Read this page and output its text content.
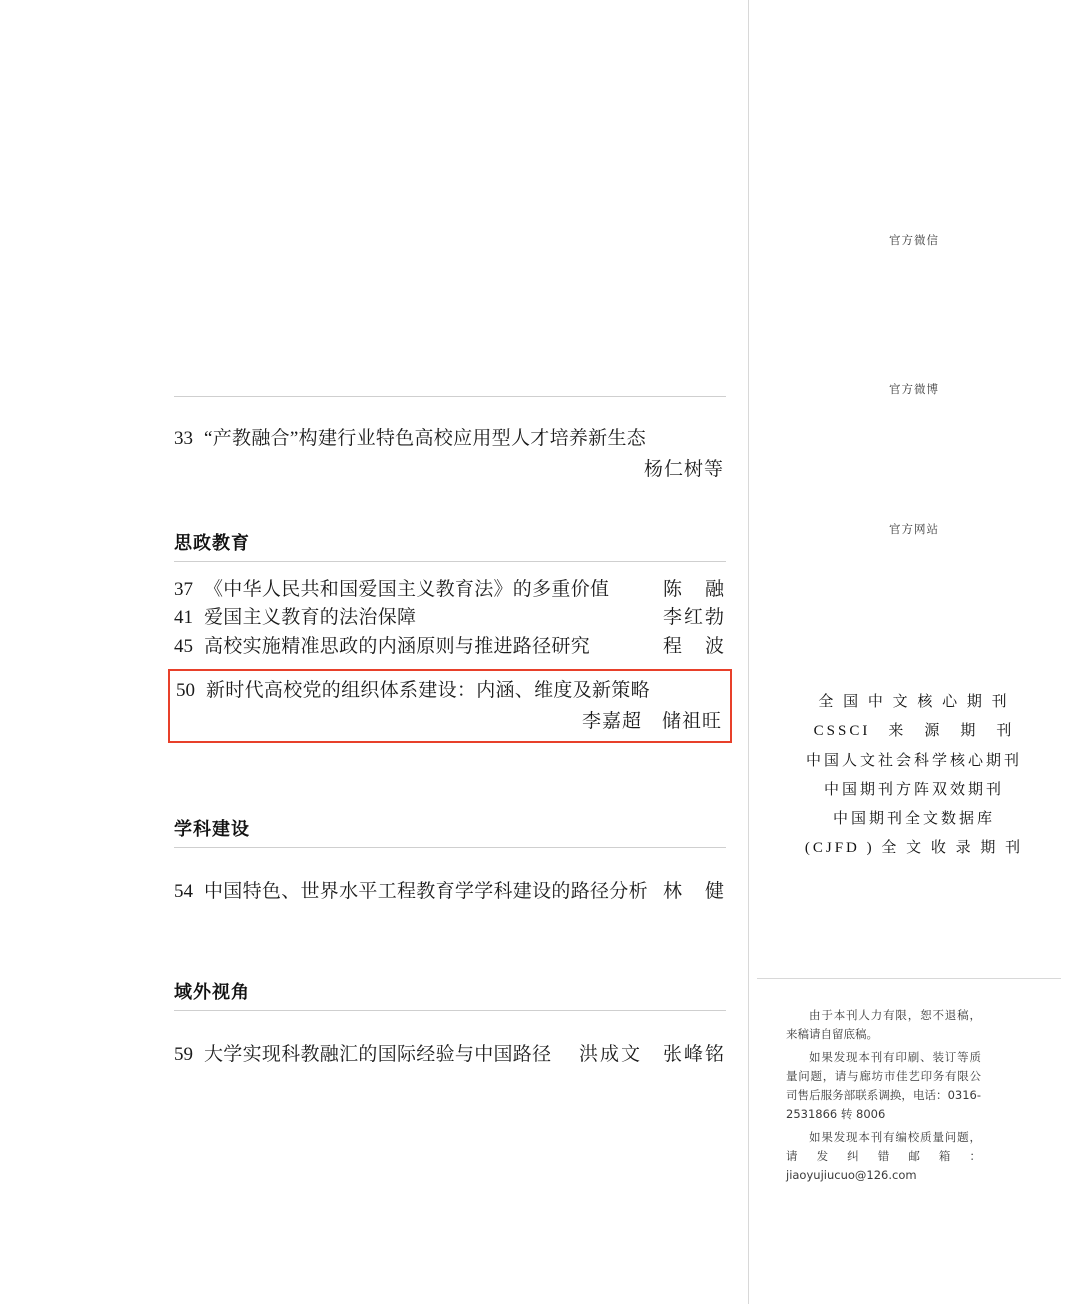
33 “产教融合”构建行业特色高校应用型人才培养新生态
杨仁树等
思政教育
37 《中华人民共和国爱国主义教育法》的多重价值	陈　融
41 爱国主义教育的法治保障	李红勃
45 高校实施精准思政的内涵原则与推进路径研究	程　波
50 新时代高校党的组织体系建设：内涵、维度及新策略
李嘉超　储祖旺
学科建设
54 中国特色、世界水平工程教育学学科建设的路径分析 林　健
域外视角
59 大学实现科教融汇的国际经验与中国路径	洪成文　张峰铭
官方微信
官方微博
官方网站
全 国 中 文 核 心 期 刊
CSSCI　来　源　期　刊
中国人文社会科学核心期刊
中国期刊方阵双效期刊
中国期刊全文数据库
(CJFD ) 全 文 收 录 期 刊

由于本刊人力有限，恕不退稿，来稿请自留底稿。

如果发现本刊有印刷、装订等质量问题，请与廊坊市佳艺印务有限公司售后服务部联系调换，电话：0316-2531866 转 8006

如果发现本刊有编校质量问题，请发纠错邮箱：jiaoyujiucuo@126.com
